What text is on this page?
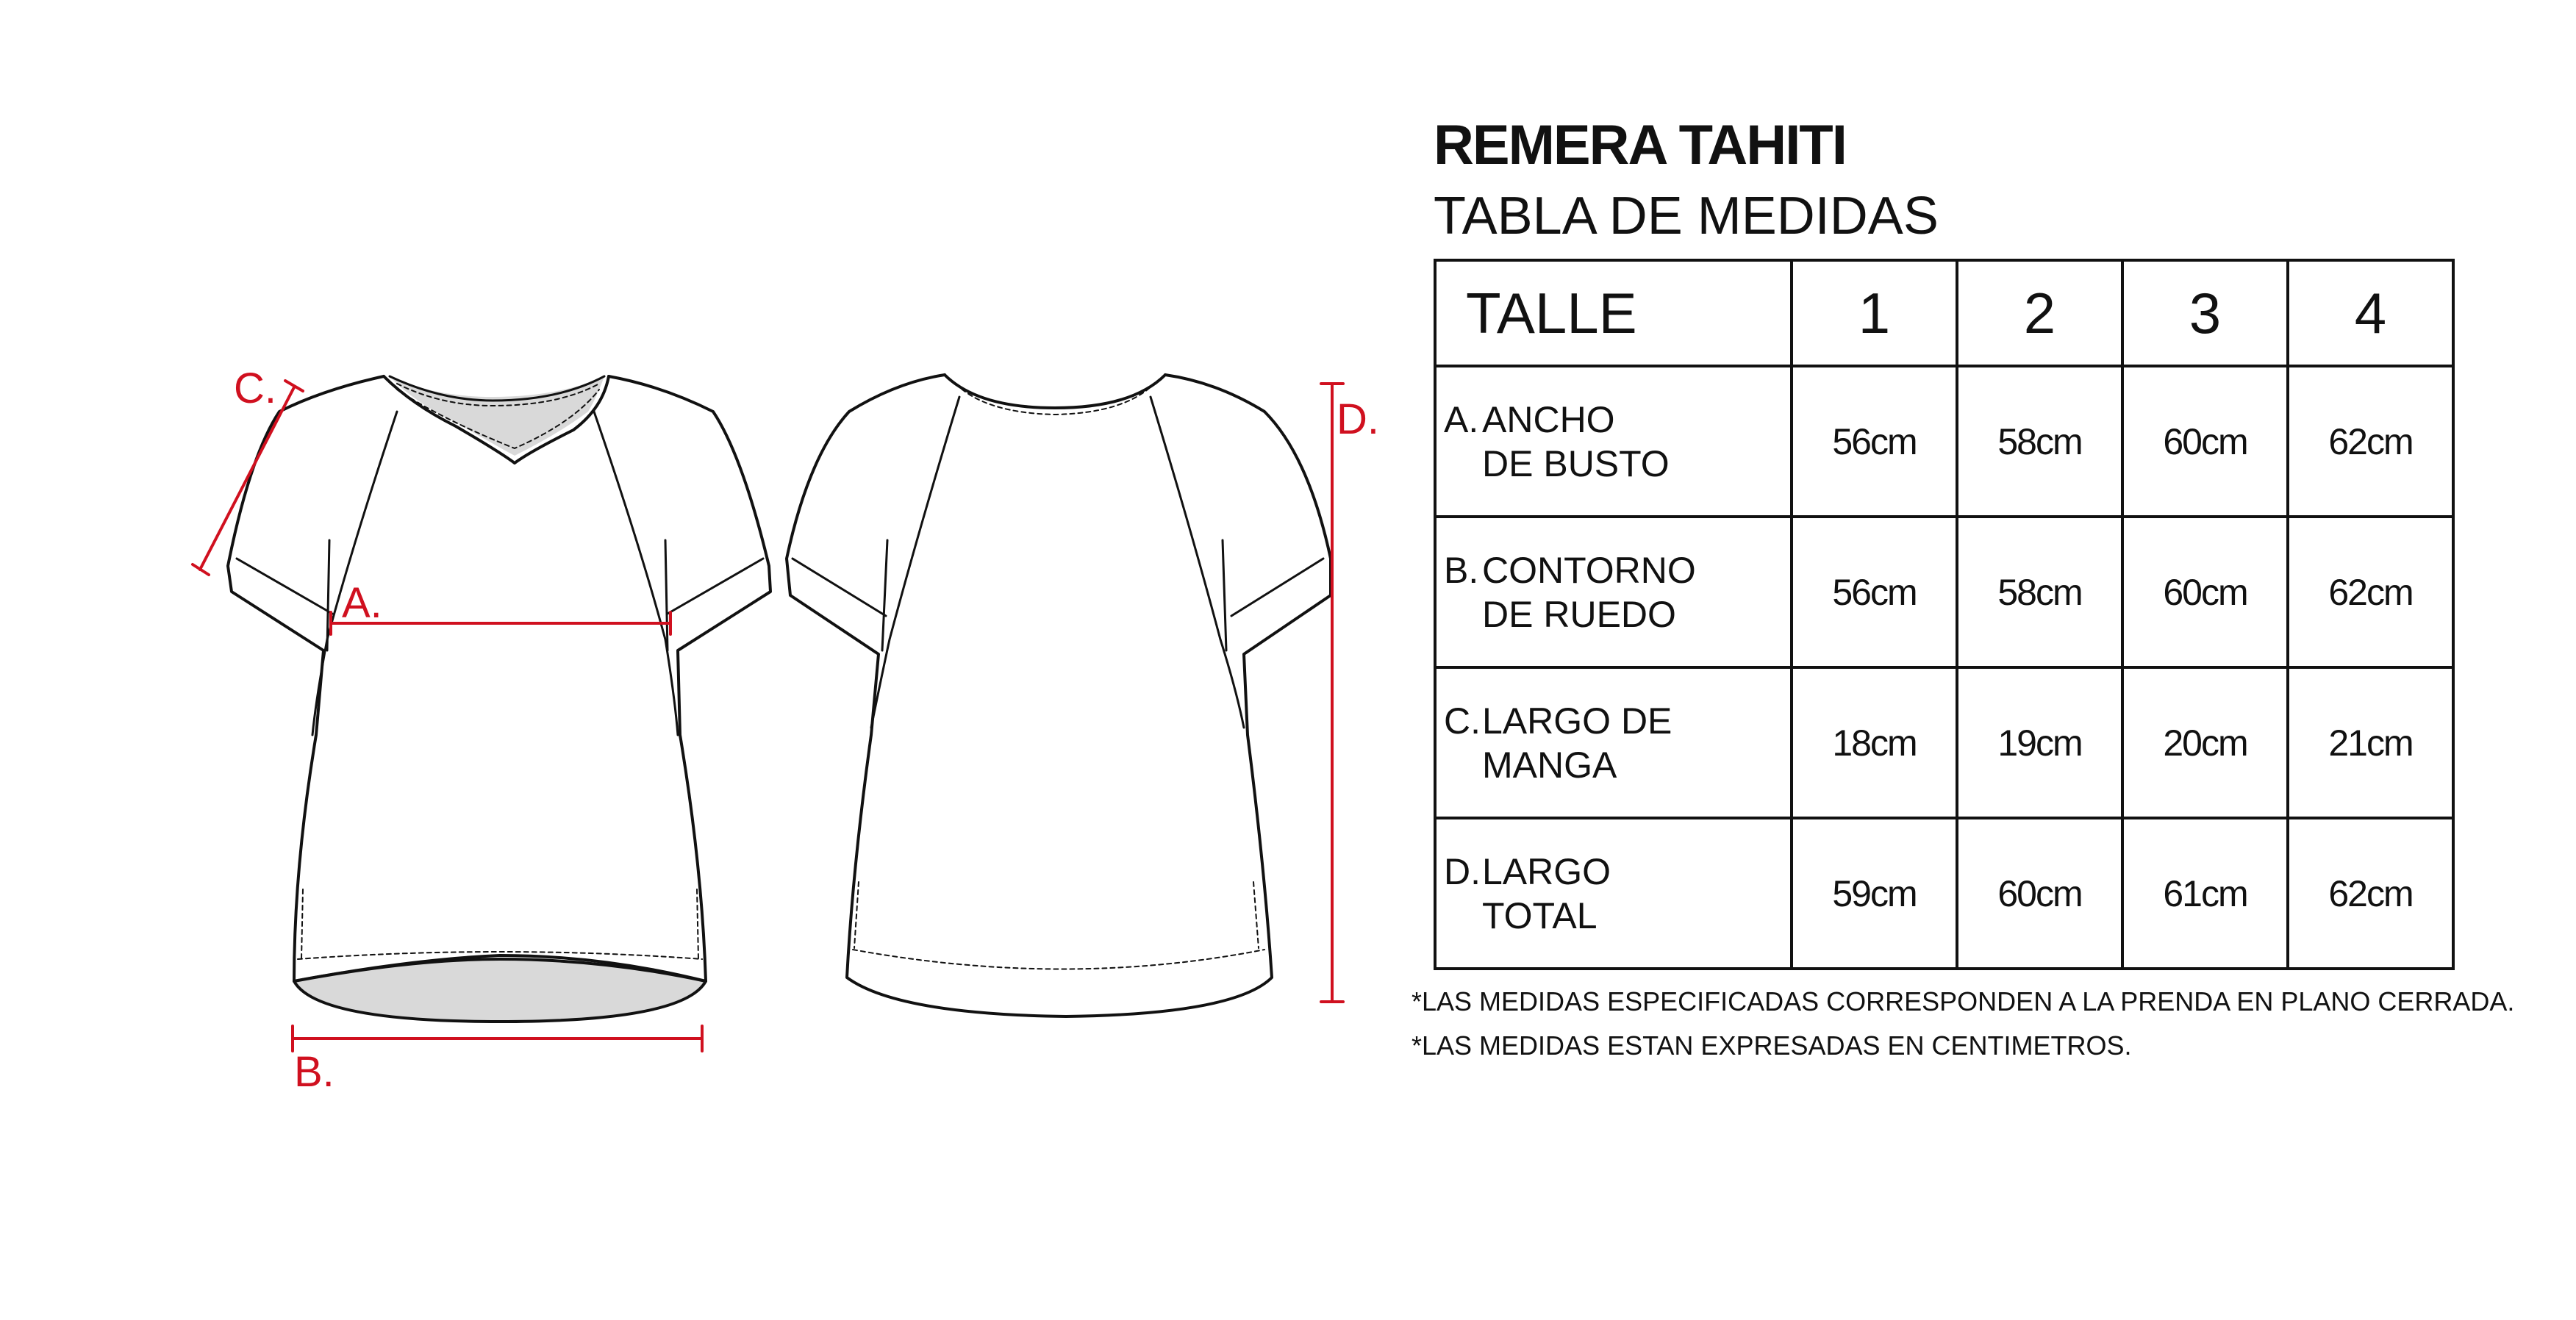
C.
A.
B.
D.
REMERA TAHITI
TABLA DE MEDIDAS
TALLE	1	2	3	4

A. ANCHO
DE BUSTO	56cm	58cm	60cm	62cm

B. CONTORNO
DE RUEDO	56cm	58cm	60cm	62cm

C. LARGO DE
MANGA	18cm	19cm	20cm	21cm

D. LARGO
TOTAL	59cm	60cm	61cm	62cm
*LAS MEDIDAS ESPECIFICADAS CORRESPONDEN A LA PRENDA EN PLANO CERRADA.
*LAS MEDIDAS ESTAN EXPRESADAS EN CENTIMETROS.
